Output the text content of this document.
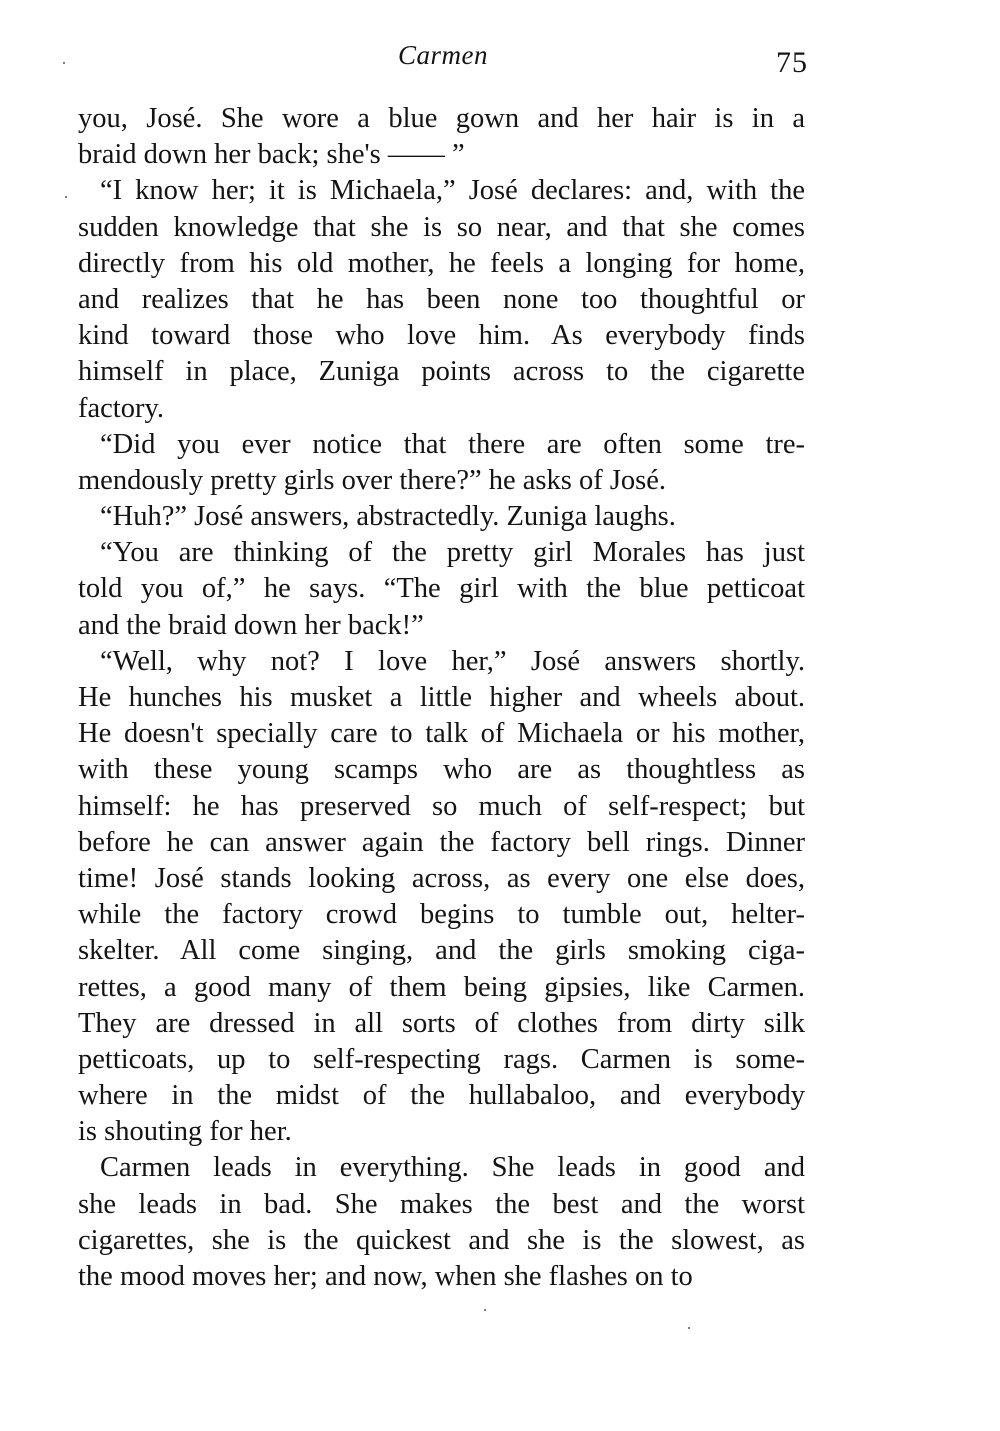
Carmen	75
you, José. She wore a blue gown and her hair is in a
braid down her back; she's —— ”
“I know her; it is Michaela,” José declares: and, with the
sudden knowledge that she is so near, and that she comes
directly from his old mother, he feels a longing for home,
and realizes that he has been none too thoughtful or
kind toward those who love him. As everybody finds
himself in place, Zuniga points across to the cigarette
factory.
“Did you ever notice that there are often some tre-
mendously pretty girls over there?” he asks of José.
“Huh?” José answers, abstractedly. Zuniga laughs.
“You are thinking of the pretty girl Morales has just
told you of,” he says. “The girl with the blue petticoat
and the braid down her back!”
“Well, why not? I love her,” José answers shortly.
He hunches his musket a little higher and wheels about.
He doesn't specially care to talk of Michaela or his mother,
with these young scamps who are as thoughtless as
himself: he has preserved so much of self-respect; but
before he can answer again the factory bell rings. Dinner
time! José stands looking across, as every one else does,
while the factory crowd begins to tumble out, helter-
skelter. All come singing, and the girls smoking ciga-
rettes, a good many of them being gipsies, like Carmen.
They are dressed in all sorts of clothes from dirty silk
petticoats, up to self-respecting rags. Carmen is some-
where in the midst of the hullabaloo, and everybody
is shouting for her.
Carmen leads in everything. She leads in good and
she leads in bad. She makes the best and the worst
cigarettes, she is the quickest and she is the slowest, as
the mood moves her; and now, when she flashes on to
